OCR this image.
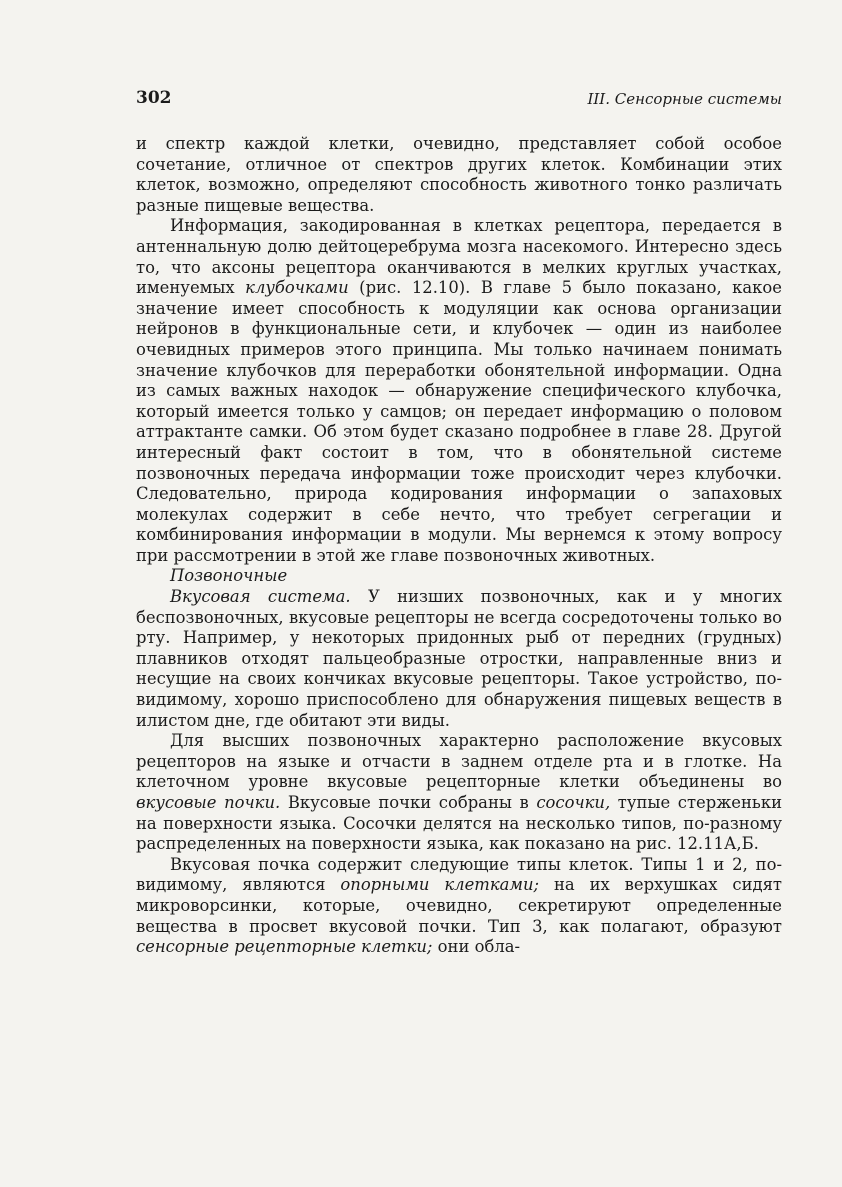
302	III. Сенсорные системы

и спектр каждой клетки, очевидно, представляет собой особое сочетание, отличное от спектров других клеток. Комбинации этих клеток, возможно, определяют способность животного тонко различать разные пищевые вещества.

Информация, закодированная в клетках рецептора, передается в антеннальную долю дейтоцеребрума мозга насекомого. Интересно здесь то, что аксоны рецептора оканчиваются в мелких круглых участках, именуемых клубочками (рис. 12.10). В главе 5 было показано, какое значение имеет способность к модуляции как основа организации нейронов в функциональные сети, и клубочек — один из наиболее очевидных примеров этого принципа. Мы только начинаем понимать значение клубочков для переработки обонятельной информации. Одна из самых важных находок — обнаружение специфического клубочка, который имеется только у самцов; он передает информацию о половом аттрактанте самки. Об этом будет сказано подробнее в главе 28. Другой интересный факт состоит в том, что в обонятельной системе позвоночных передача информации тоже происходит через клубочки. Следовательно, природа кодирования информации о запаховых молекулах содержит в себе нечто, что требует сегрегации и комбинирования информации в модули. Мы вернемся к этому вопросу при рассмотрении в этой же главе позвоночных животных.

Позвоночные

Вкусовая система. У низших позвоночных, как и у многих беспозвоночных, вкусовые рецепторы не всегда сосредоточены только во рту. Например, у некоторых придонных рыб от передних (грудных) плавников отходят пальцеобразные отростки, направленные вниз и несущие на своих кончиках вкусовые рецепторы. Такое устройство, по-видимому, хорошо приспособлено для обнаружения пищевых веществ в илистом дне, где обитают эти виды.

Для высших позвоночных характерно расположение вкусовых рецепторов на языке и отчасти в заднем отделе рта и в глотке. На клеточном уровне вкусовые рецепторные клетки объединены во вкусовые почки. Вкусовые почки собраны в сосочки, тупые стерженьки на поверхности языка. Сосочки делятся на несколько типов, по-разному распределенных на поверхности языка, как показано на рис. 12.11А,Б.

Вкусовая почка содержит следующие типы клеток. Типы 1 и 2, по-видимому, являются опорными клетками; на их верхушках сидят микроворсинки, которые, очевидно, секретируют определенные вещества в просвет вкусовой почки. Тип 3, как полагают, образуют сенсорные рецепторные клетки; они обла-
